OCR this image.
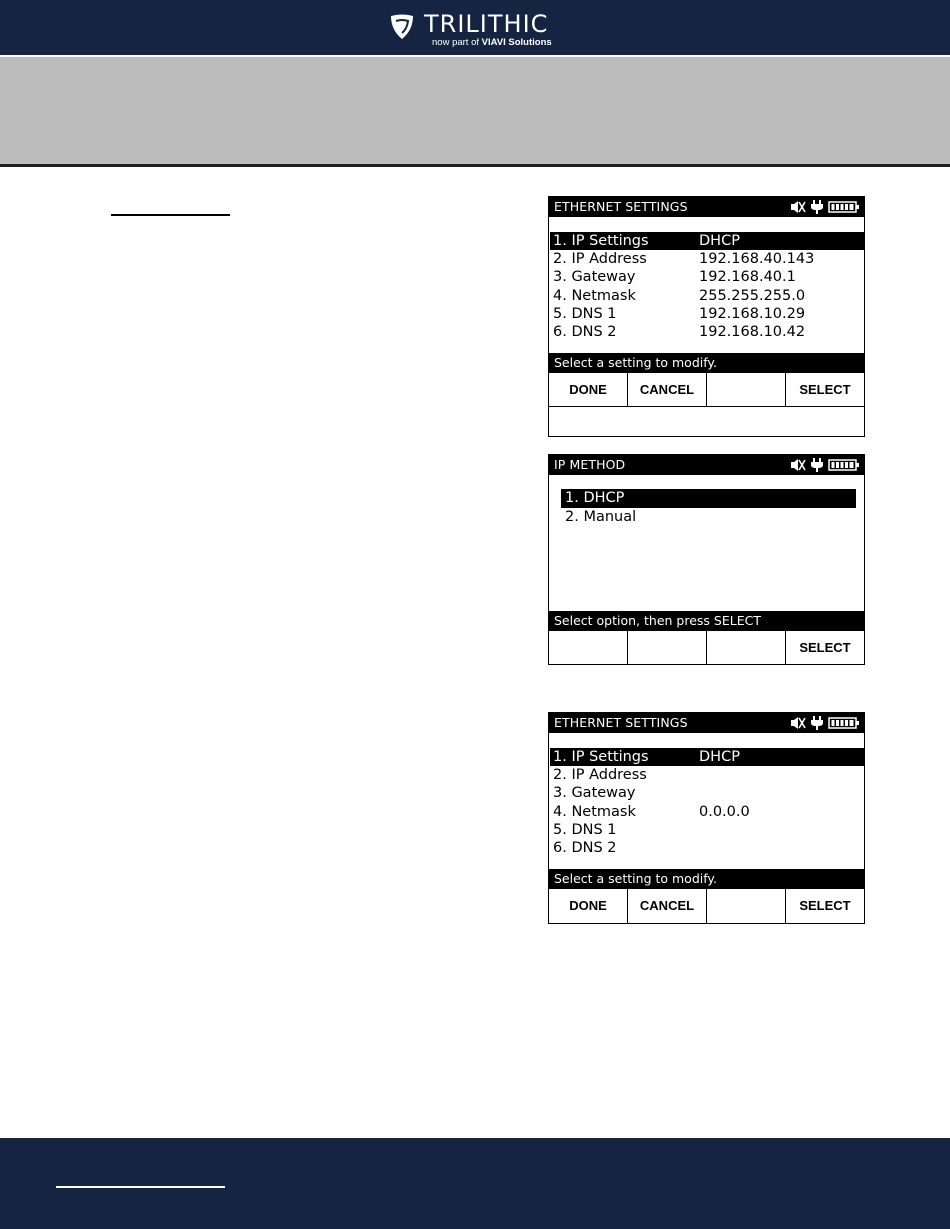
TRILITHIC
now part of VIAVI Solutions
ETHERNET SETTINGS
1. IP Settings	DHCP
2. IP Address	192.168.40.143
3. Gateway	192.168.40.1
4. Netmask	255.255.255.0
5. DNS 1	192.168.10.29
6. DNS 2	192.168.10.42
Select a setting to modify.
DONE	CANCEL	SELECT
IP METHOD
1. DHCP
2. Manual
Select option, then press SELECT
SELECT
ETHERNET SETTINGS
1. IP Settings	DHCP
2. IP Address
3. Gateway
4. Netmask	0.0.0.0
5. DNS 1
6. DNS 2
Select a setting to modify.
DONE	CANCEL	SELECT
